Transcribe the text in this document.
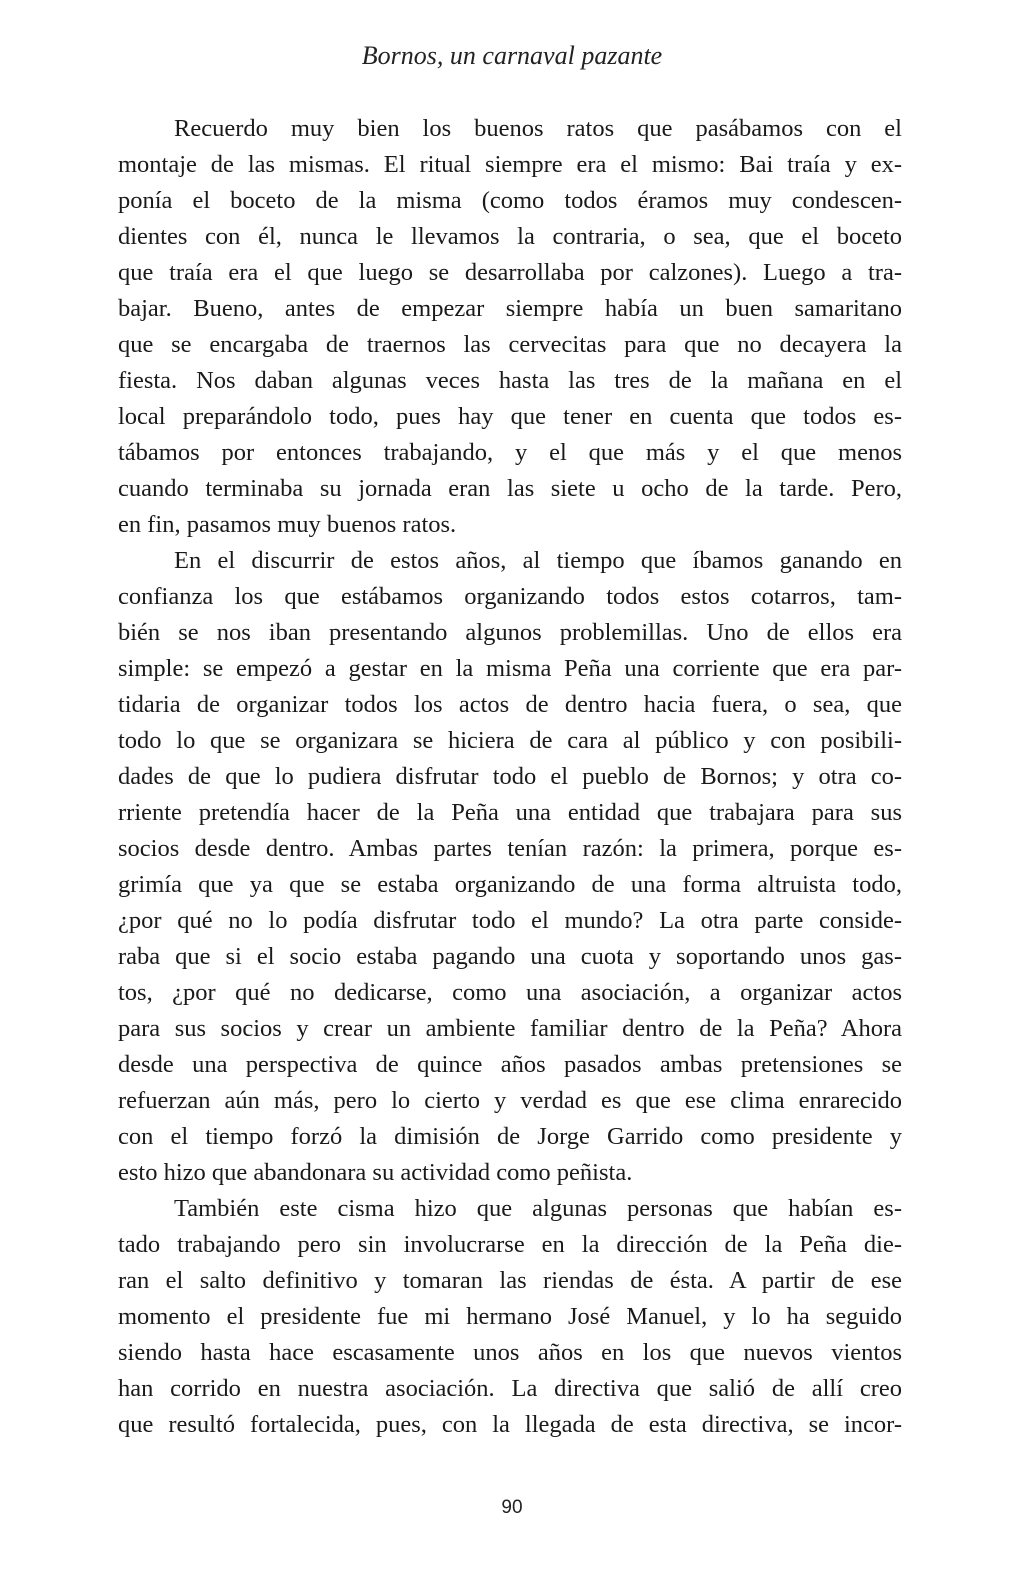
Bornos, un carnaval pazante
Recuerdo muy bien los buenos ratos que pasábamos con el
montaje de las mismas. El ritual siempre era el mismo: Bai traía y ex-
ponía el boceto de la misma (como todos éramos muy condescen-
dientes con él, nunca le llevamos la contraria, o sea, que el boceto
que traía era el que luego se desarrollaba por calzones). Luego a tra-
bajar. Bueno, antes de empezar siempre había un buen samaritano
que se encargaba de traernos las cervecitas para que no decayera la
fiesta. Nos daban algunas veces hasta las tres de la mañana en el
local preparándolo todo, pues hay que tener en cuenta que todos es-
tábamos por entonces trabajando, y el que más y el que menos
cuando terminaba su jornada eran las siete u ocho de la tarde. Pero,
en fin, pasamos muy buenos ratos.
En el discurrir de estos años, al tiempo que íbamos ganando en
confianza los que estábamos organizando todos estos cotarros, tam-
bién se nos iban presentando algunos problemillas. Uno de ellos era
simple: se empezó a gestar en la misma Peña una corriente que era par-
tidaria de organizar todos los actos de dentro hacia fuera, o sea, que
todo lo que se organizara se hiciera de cara al público y con posibili-
dades de que lo pudiera disfrutar todo el pueblo de Bornos; y otra co-
rriente pretendía hacer de la Peña una entidad que trabajara para sus
socios desde dentro. Ambas partes tenían razón: la primera, porque es-
grimía que ya que se estaba organizando de una forma altruista todo,
¿por qué no lo podía disfrutar todo el mundo? La otra parte conside-
raba que si el socio estaba pagando una cuota y soportando unos gas-
tos, ¿por qué no dedicarse, como una asociación, a organizar actos
para sus socios y crear un ambiente familiar dentro de la Peña? Ahora
desde una perspectiva de quince años pasados ambas pretensiones se
refuerzan aún más, pero lo cierto y verdad es que ese clima enrarecido
con el tiempo forzó la dimisión de Jorge Garrido como presidente y
esto hizo que abandonara su actividad como peñista.
También este cisma hizo que algunas personas que habían es-
tado trabajando pero sin involucrarse en la dirección de la Peña die-
ran el salto definitivo y tomaran las riendas de ésta. A partir de ese
momento el presidente fue mi hermano José Manuel, y lo ha seguido
siendo hasta hace escasamente unos años en los que nuevos vientos
han corrido en nuestra asociación. La directiva que salió de allí creo
que resultó fortalecida, pues, con la llegada de esta directiva, se incor-
90
